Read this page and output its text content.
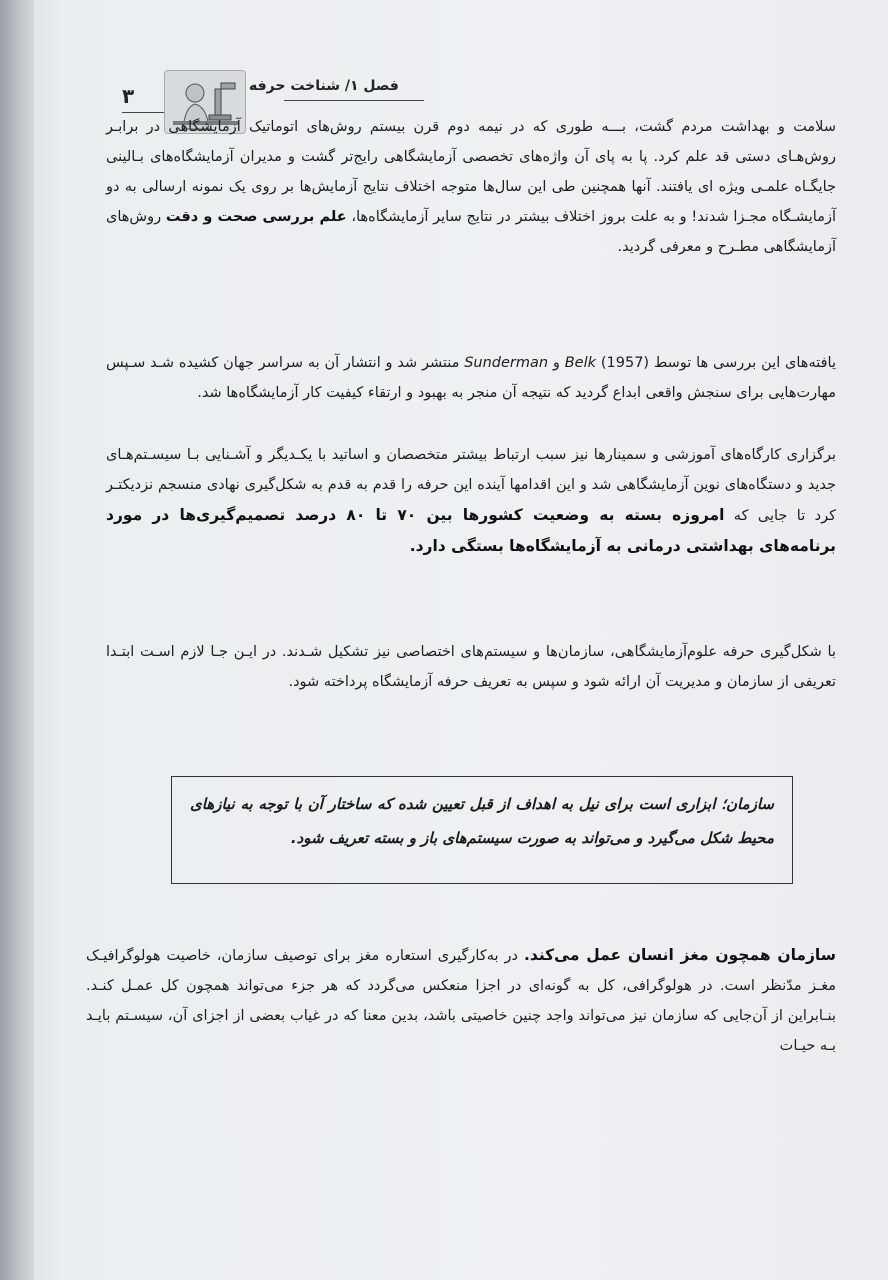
۳	فصل ۱/ شناخت حرفه
سلامت و بهداشت مردم گشت، بـــه طوری که در نیمه دوم قرن بیستم روش‌های اتوماتیک آزمایشگاهی در برابـر روش‌هـای دستی قد علم کرد. پا به پای آن واژه‌های تخصصی آزمایشگاهی رایج‌تر گشت و مدیران آزمایشگاه‌های بـالینی جایگـاه علمـی ویژه ای یافتند. آنها همچنین طی این سال‌ها متوجه اختلاف نتایج آزمایش‌ها بر روی یک نمونه ارسالی به دو آزمایشـگاه مجـزا شدند! و به علت بروز اختلاف بیشتر در نتایج سایر آزمایشگاه‌ها، علم بررسی صحت و دقت روش‌های آزمایشگاهی مطـرح و معرفی گردید.
یافته‌های این بررسی ها توسط (1957) Belk و Sunderman منتشر شد و انتشار آن به سراسر جهان کشیده شـد سـپس مهارت‌هایی برای سنجش واقعی ابداع گردید که نتیجه آن منجر به بهبود و ارتقاء کیفیت کار آزمایشگاه‌ها شد.
برگزاری کارگاه‌های آموزشی و سمینارها نیز سبب ارتباط بیشتر متخصصان و اساتید با یکـدیگر و آشـنایی بـا سیسـتم‌هـای جدید و دستگاه‌های نوین آزمایشگاهی شد و این اقدامها آینده این حرفه را قدم به قدم به شکل‌گیری نهادی منسجم نزدیکتـر کرد تا جایی که امروزه بسته به وضعیت کشورها بین ۷۰ تا ۸۰ درصد تصمیم‌گیری‌ها در مورد برنامه‌های بهداشتی درمانی به آزمایشگاه‌ها بستگی دارد.
با شکل‌گیری حرفه علوم‌آزمایشگاهی، سازمان‌ها و سیستم‌های اختصاصی نیز تشکیل شـدند. در ایـن جـا لازم اسـت ابتـدا تعریفی از سازمان و مدیریت آن ارائه شود و سپس به تعریف حرفه آزمایشگاه پرداخته شود.
سازمان؛ ابزاری است برای نیل به اهداف از قبل تعیین شده که ساختار آن با توجه به نیازهای محیط شکل می‌گیرد و می‌تواند به صورت سیستم‌های باز و بسته تعریف شود.
سازمان همچون مغز انسان عمل می‌کند. در به‌کارگیری استعاره مغز برای توصیف سازمان، خاصیت هولوگرافیـک مغـز مدّنظر است. در هولوگرافی، کل به گونه‌ای در اجزا منعکس می‌گردد که هر جزء می‌تواند همچون کل عمـل کنـد. بنـابراین از آن‌جایی که سازمان نیز می‌تواند واجد چنین خاصیتی باشد، بدین معنا که در غیاب بعضی از اجزای آن، سیسـتم بایـد بـه حیـات
